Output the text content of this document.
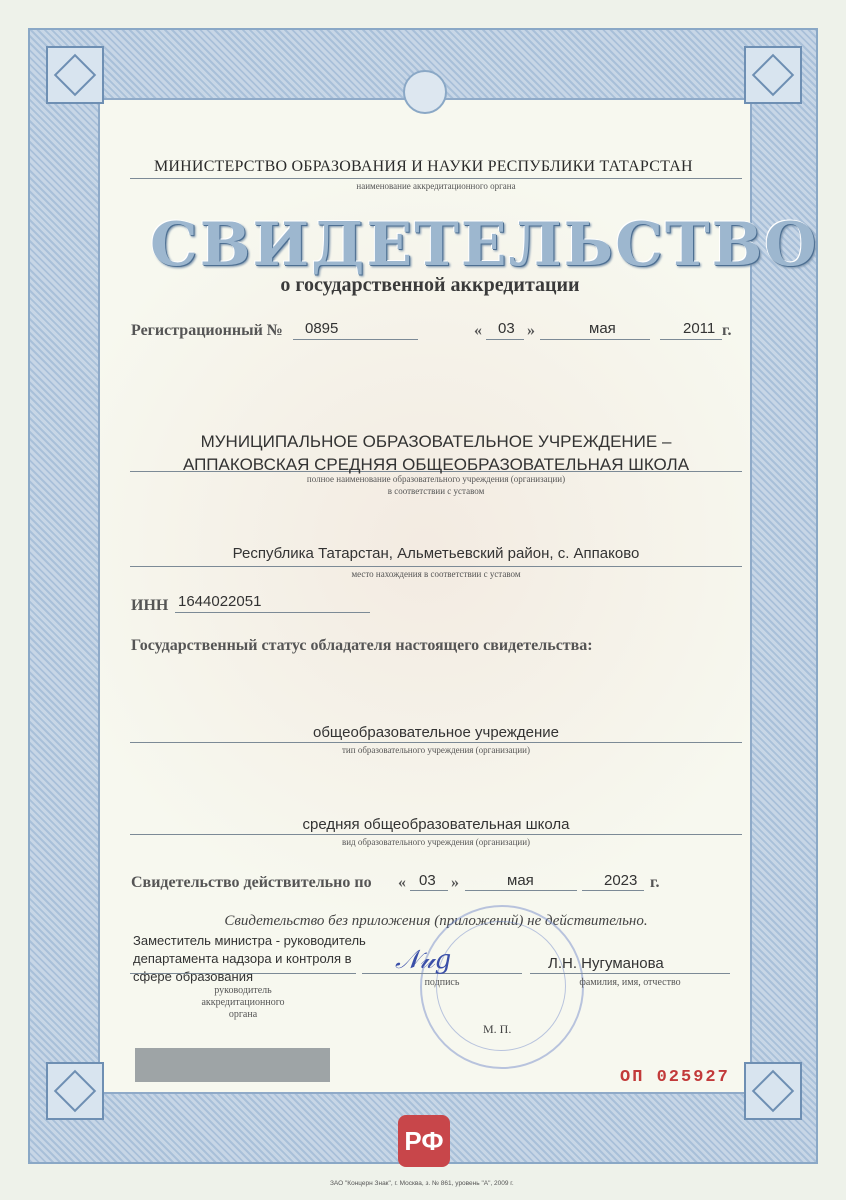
МИНИСТЕРСТВО ОБРАЗОВАНИЯ И НАУКИ РЕСПУБЛИКИ ТАТАРСТАН
наименование аккредитационного органа
СВИДЕТЕЛЬСТВО
о государственной аккредитации
Регистрационный № 0895	« 03 »	мая	2011 г.
МУНИЦИПАЛЬНОЕ ОБРАЗОВАТЕЛЬНОЕ УЧРЕЖДЕНИЕ –
АППАКОВСКАЯ СРЕДНЯЯ ОБЩЕОБРАЗОВАТЕЛЬНАЯ ШКОЛА
полное наименование образовательного учреждения (организации)
в соответствии с уставом
Республика Татарстан, Альметьевский район, с. Аппаково
место нахождения в соответствии с уставом
ИНН 1644022051
Государственный статус обладателя настоящего свидетельства:
общеобразовательное учреждение
тип образовательного учреждения (организации)
средняя общеобразовательная школа
вид образовательного учреждения (организации)
Свидетельство действительно по « 03 »	мая	2023 г.
Свидетельство без приложения (приложений) не действительно.
Заместитель министра - руководитель
департамента надзора и контроля в
сфере образования
руководитель
аккредитационного
органа
𝒩𝓊𝑔
подпись
Л.Н. Нугуманова
фамилия, имя, отчество
М. П.
ОП 025927
РФ
ЗАО "Концерн Знак", г. Москва, з. № 861, уровень "А", 2009 г.
